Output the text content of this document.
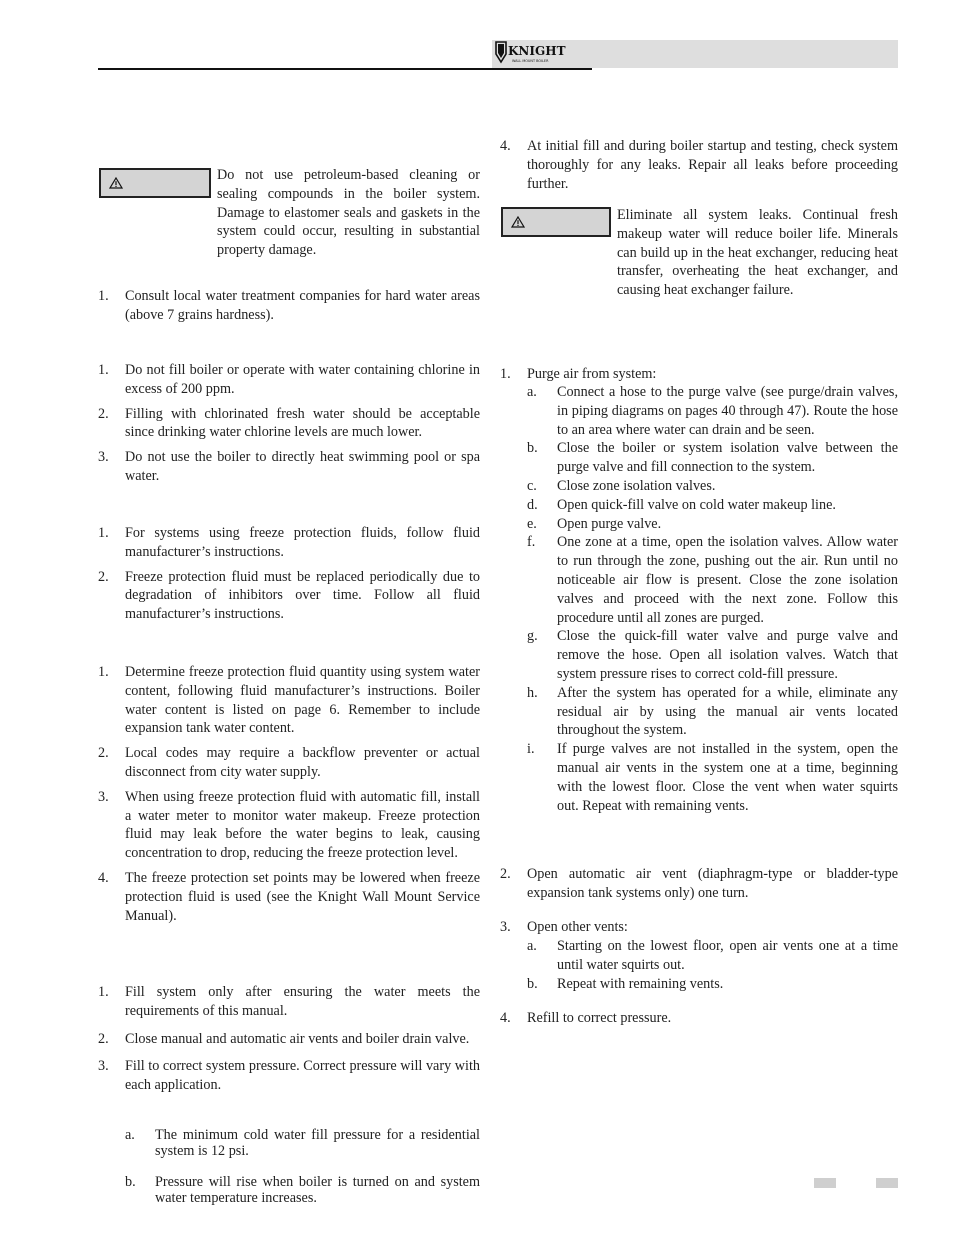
KNIGHT
WALL MOUNT BOILER

Do not use petroleum-based cleaning or sealing compounds in the boiler system. Damage to elastomer seals and gaskets in the system could occur, resulting in substantial property damage.

1. Consult local water treatment companies for hard water areas (above 7 grains hardness).
1. Do not fill boiler or operate with water containing chlorine in excess of 200 ppm.
2. Filling with chlorinated fresh water should be acceptable since drinking water chlorine levels are much lower.
3. Do not use the boiler to directly heat swimming pool or spa water.
1. For systems using freeze protection fluids, follow fluid manufacturer’s instructions.
2. Freeze protection fluid must be replaced periodically due to degradation of inhibitors over time. Follow all fluid manufacturer’s instructions.
1. Determine freeze protection fluid quantity using system water content, following fluid manufacturer’s instructions. Boiler water content is listed on page 6. Remember to include expansion tank water content.
2. Local codes may require a backflow preventer or actual disconnect from city water supply.
3. When using freeze protection fluid with automatic fill, install a water meter to monitor water makeup. Freeze protection fluid may leak before the water begins to leak, causing concentration to drop, reducing the freeze protection level.
4. The freeze protection set points may be lowered when freeze protection fluid is used (see the Knight Wall Mount Service Manual).
1. Fill system only after ensuring the water meets the requirements of this manual.
2. Close manual and automatic air vents and boiler drain valve.
3. Fill to correct system pressure. Correct pressure will vary with each application.
a. The minimum cold water fill pressure for a residential system is 12 psi.
b. Pressure will rise when boiler is turned on and system water temperature increases.
4. At initial fill and during boiler startup and testing, check system thoroughly for any leaks. Repair all leaks before proceeding further.

Eliminate all system leaks. Continual fresh makeup water will reduce boiler life. Minerals can build up in the heat exchanger, reducing heat transfer, overheating the heat exchanger, and causing heat exchanger failure.

1. Purge air from system:
a. Connect a hose to the purge valve (see purge/drain valves, in piping diagrams on pages 40 through 47). Route the hose to an area where water can drain and be seen.
b. Close the boiler or system isolation valve between the purge valve and fill connection to the system.
c. Close zone isolation valves.
d. Open quick-fill valve on cold water makeup line.
e. Open purge valve.
f. One zone at a time, open the isolation valves. Allow water to run through the zone, pushing out the air. Run until no noticeable air flow is present. Close the zone isolation valves and proceed with the next zone. Follow this procedure until all zones are purged.
g. Close the quick-fill water valve and purge valve and remove the hose. Open all isolation valves. Watch that system pressure rises to correct cold-fill pressure.
h. After the system has operated for a while, eliminate any residual air by using the manual air vents located throughout the system.
i. If purge valves are not installed in the system, open the manual air vents in the system one at a time, beginning with the lowest floor. Close the vent when water squirts out. Repeat with remaining vents.
2. Open automatic air vent (diaphragm-type or bladder-type expansion tank systems only) one turn.
3. Open other vents:
a. Starting on the lowest floor, open air vents one at a time until water squirts out.
b. Repeat with remaining vents.
4. Refill to correct pressure.
